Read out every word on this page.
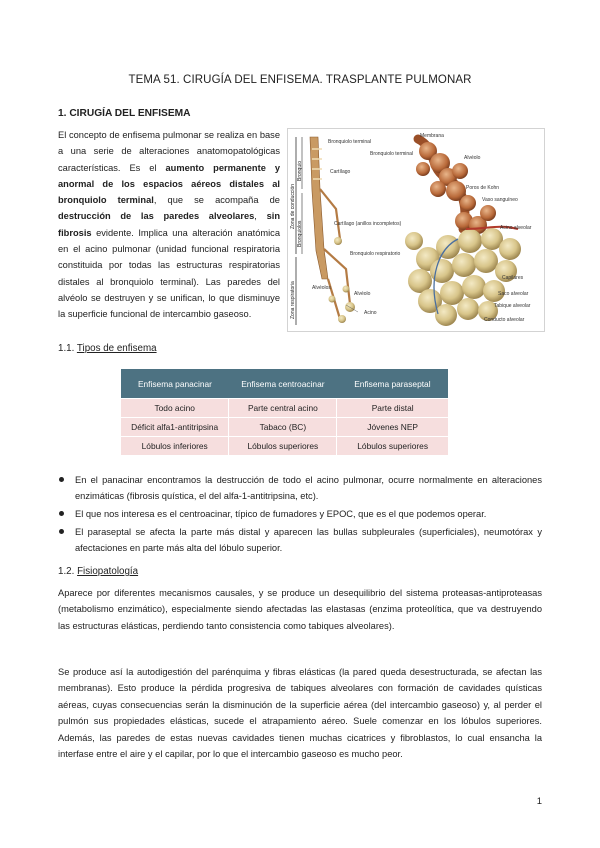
TEMA 51. CIRUGÍA DEL ENFISEMA. TRASPLANTE PULMONAR
1. CIRUGÍA DEL ENFISEMA
El concepto de enfisema pulmonar se realiza en base a una serie de alteraciones anatomopatológicas características. Es el aumento permanente y anormal de los espacios aéreos distales al bronquiolo terminal, que se acompaña de destrucción de las paredes alveolares, sin fibrosis evidente. Implica una alteración anatómica en el acino pulmonar (unidad funcional respiratoria constituida por todas las estructuras respiratorias distales al bronquiolo terminal). Las paredes del alvéolo se destruyen y se unifican, lo que disminuye la superficie funcional de intercambio gaseoso.
Zona de conducción
Zona respiratoria
Bronquio
Bronquiolos
Bronquiolo terminal
Cartílago
Cartílago (anillos incompletos)
Bronquiolo respiratorio
Alvéolos
Alvéolo
Acino
Membrana
Bronquiolo terminal
Alvéolo
Poros de Kohn
Vaso sanguíneo
Acino alveolar
Capilares
Saco alveolar
Tabique alveolar
Conducto alveolar
1.1. Tipos de enfisema
Enfisema panacinar	Enfisema centroacinar	Enfisema paraseptal
Todo acino	Parte central acino	Parte distal
Déficit alfa1-antitripsina	Tabaco (BC)	Jóvenes NEP
Lóbulos inferiores	Lóbulos superiores	Lóbulos superiores
En el panacinar encontramos la destrucción de todo el acino pulmonar, ocurre normalmente en alteraciones enzimáticas (fibrosis quística, el del alfa-1-antitripsina, etc).
El que nos interesa es el centroacinar, típico de fumadores y EPOC, que es el que podemos operar.
El paraseptal se afecta la parte más distal y aparecen las bullas subpleurales (superficiales), neumotórax y afectaciones en parte más alta del lóbulo superior.
1.2. Fisiopatología
Aparece por diferentes mecanismos causales, y se produce un desequilibrio del sistema proteasas-antiproteasas (metabolismo enzimático), especialmente siendo afectadas las elastasas (enzima proteolítica, que va destruyendo las estructuras elásticas, perdiendo tanto consistencia como tabiques alveolares).
Se produce así la autodigestión del parénquima y fibras elásticas (la pared queda desestructurada, se afectan las membranas). Esto produce la pérdida progresiva de tabiques alveolares con formación de cavidades quísticas aéreas, cuyas consecuencias serán la disminución de la superficie aérea (del intercambio gaseoso) y, al perder el pulmón sus propiedades elásticas, sucede el atrapamiento aéreo. Suele comenzar en los lóbulos superiores. Además, las paredes de estas nuevas cavidades tienen muchas cicatrices y fibroblastos, lo cual ensancha la interfase entre el aire y el capilar, por lo que el intercambio gaseoso es mucho peor.
1
